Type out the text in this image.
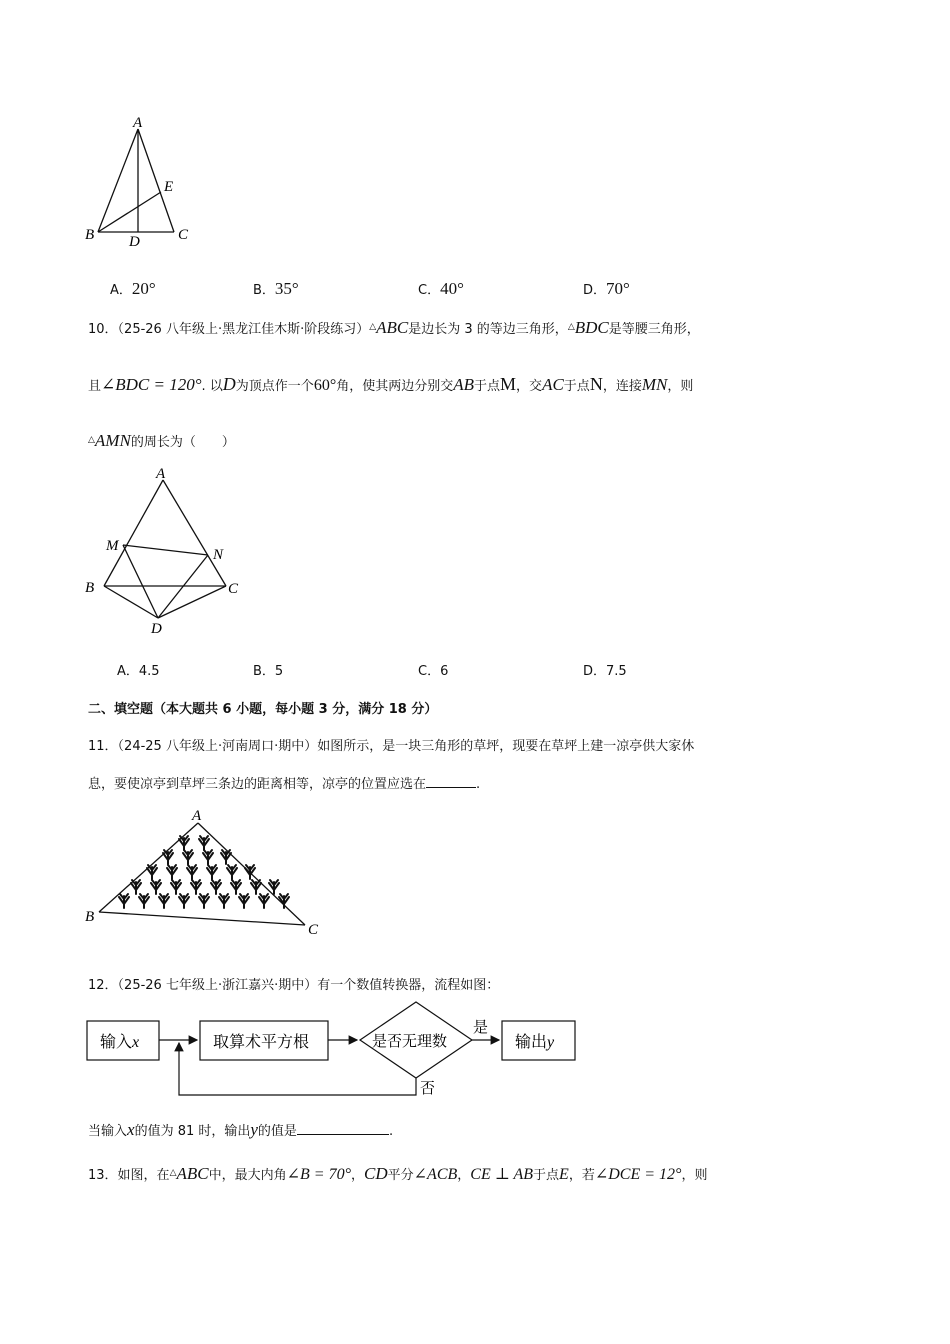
A
E
B D	C
A．20°	B．35°	C．40°	D．70°
10．（25-26 八年级上·黑龙江佳木斯·阶段练习）△ABC是边长为 3 的等边三角形，△BDC是等腰三角形，
且∠BDC = 120°. 以D为顶点作一个60°角，使其两边分别交AB于点M，交AC于点N，连接MN，则
△AMN的周长为（　　）
A
M
N
B	C
D
A．4.5	B．5	C．6	D．7.5
二、填空题（本大题共 6 小题，每小题 3 分，满分 18 分）
11．（24-25 八年级上·河南周口·期中）如图所示，是一块三角形的草坪，现要在草坪上建一凉亭供大家休
息，要使凉亭到草坪三条边的距离相等，凉亭的位置应选在	.
A
B
C
12．（25-26 七年级上·浙江嘉兴·期中）有一个数值转换器，流程如图：
输入x	取算术平方根	是否无理数
是
否
输出y
当输入x的值为 81 时，输出y的值是	.
13．如图，在△ABC中，最大内角∠B = 70°，CD平分∠ACB，CE ⊥ AB于点E，若∠DCE = 12°，则
